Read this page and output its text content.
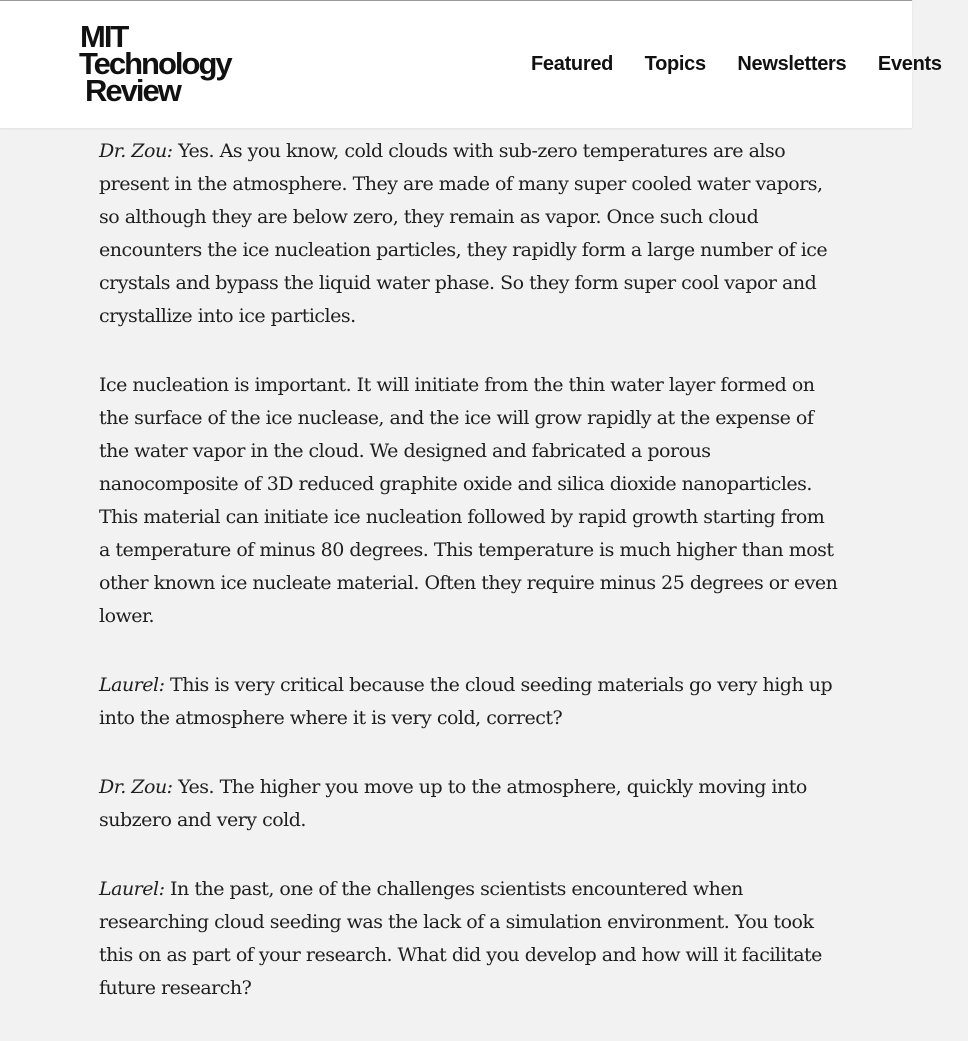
MIT
Technology
Review
Featured Topics Newsletters Events

Dr. Zou: Yes. As you know, cold clouds with sub-zero temperatures are also present in the atmosphere. They are made of many super cooled water vapors, so although they are below zero, they remain as vapor. Once such cloud encounters the ice nucleation particles, they rapidly form a large number of ice crystals and bypass the liquid water phase. So they form super cool vapor and crystallize into ice particles.

Ice nucleation is important. It will initiate from the thin water layer formed on the surface of the ice nuclease, and the ice will grow rapidly at the expense of the water vapor in the cloud. We designed and fabricated a porous nanocomposite of 3D reduced graphite oxide and silica dioxide nanoparticles. This material can initiate ice nucleation followed by rapid growth starting from a temperature of minus 80 degrees. This temperature is much higher than most other known ice nucleate material. Often they require minus 25 degrees or even lower.

Laurel: This is very critical because the cloud seeding materials go very high up into the atmosphere where it is very cold, correct?

Dr. Zou: Yes. The higher you move up to the atmosphere, quickly moving into subzero and very cold.

Laurel: In the past, one of the challenges scientists encountered when researching cloud seeding was the lack of a simulation environment. You took this on as part of your research. What did you develop and how will it facilitate future research?
